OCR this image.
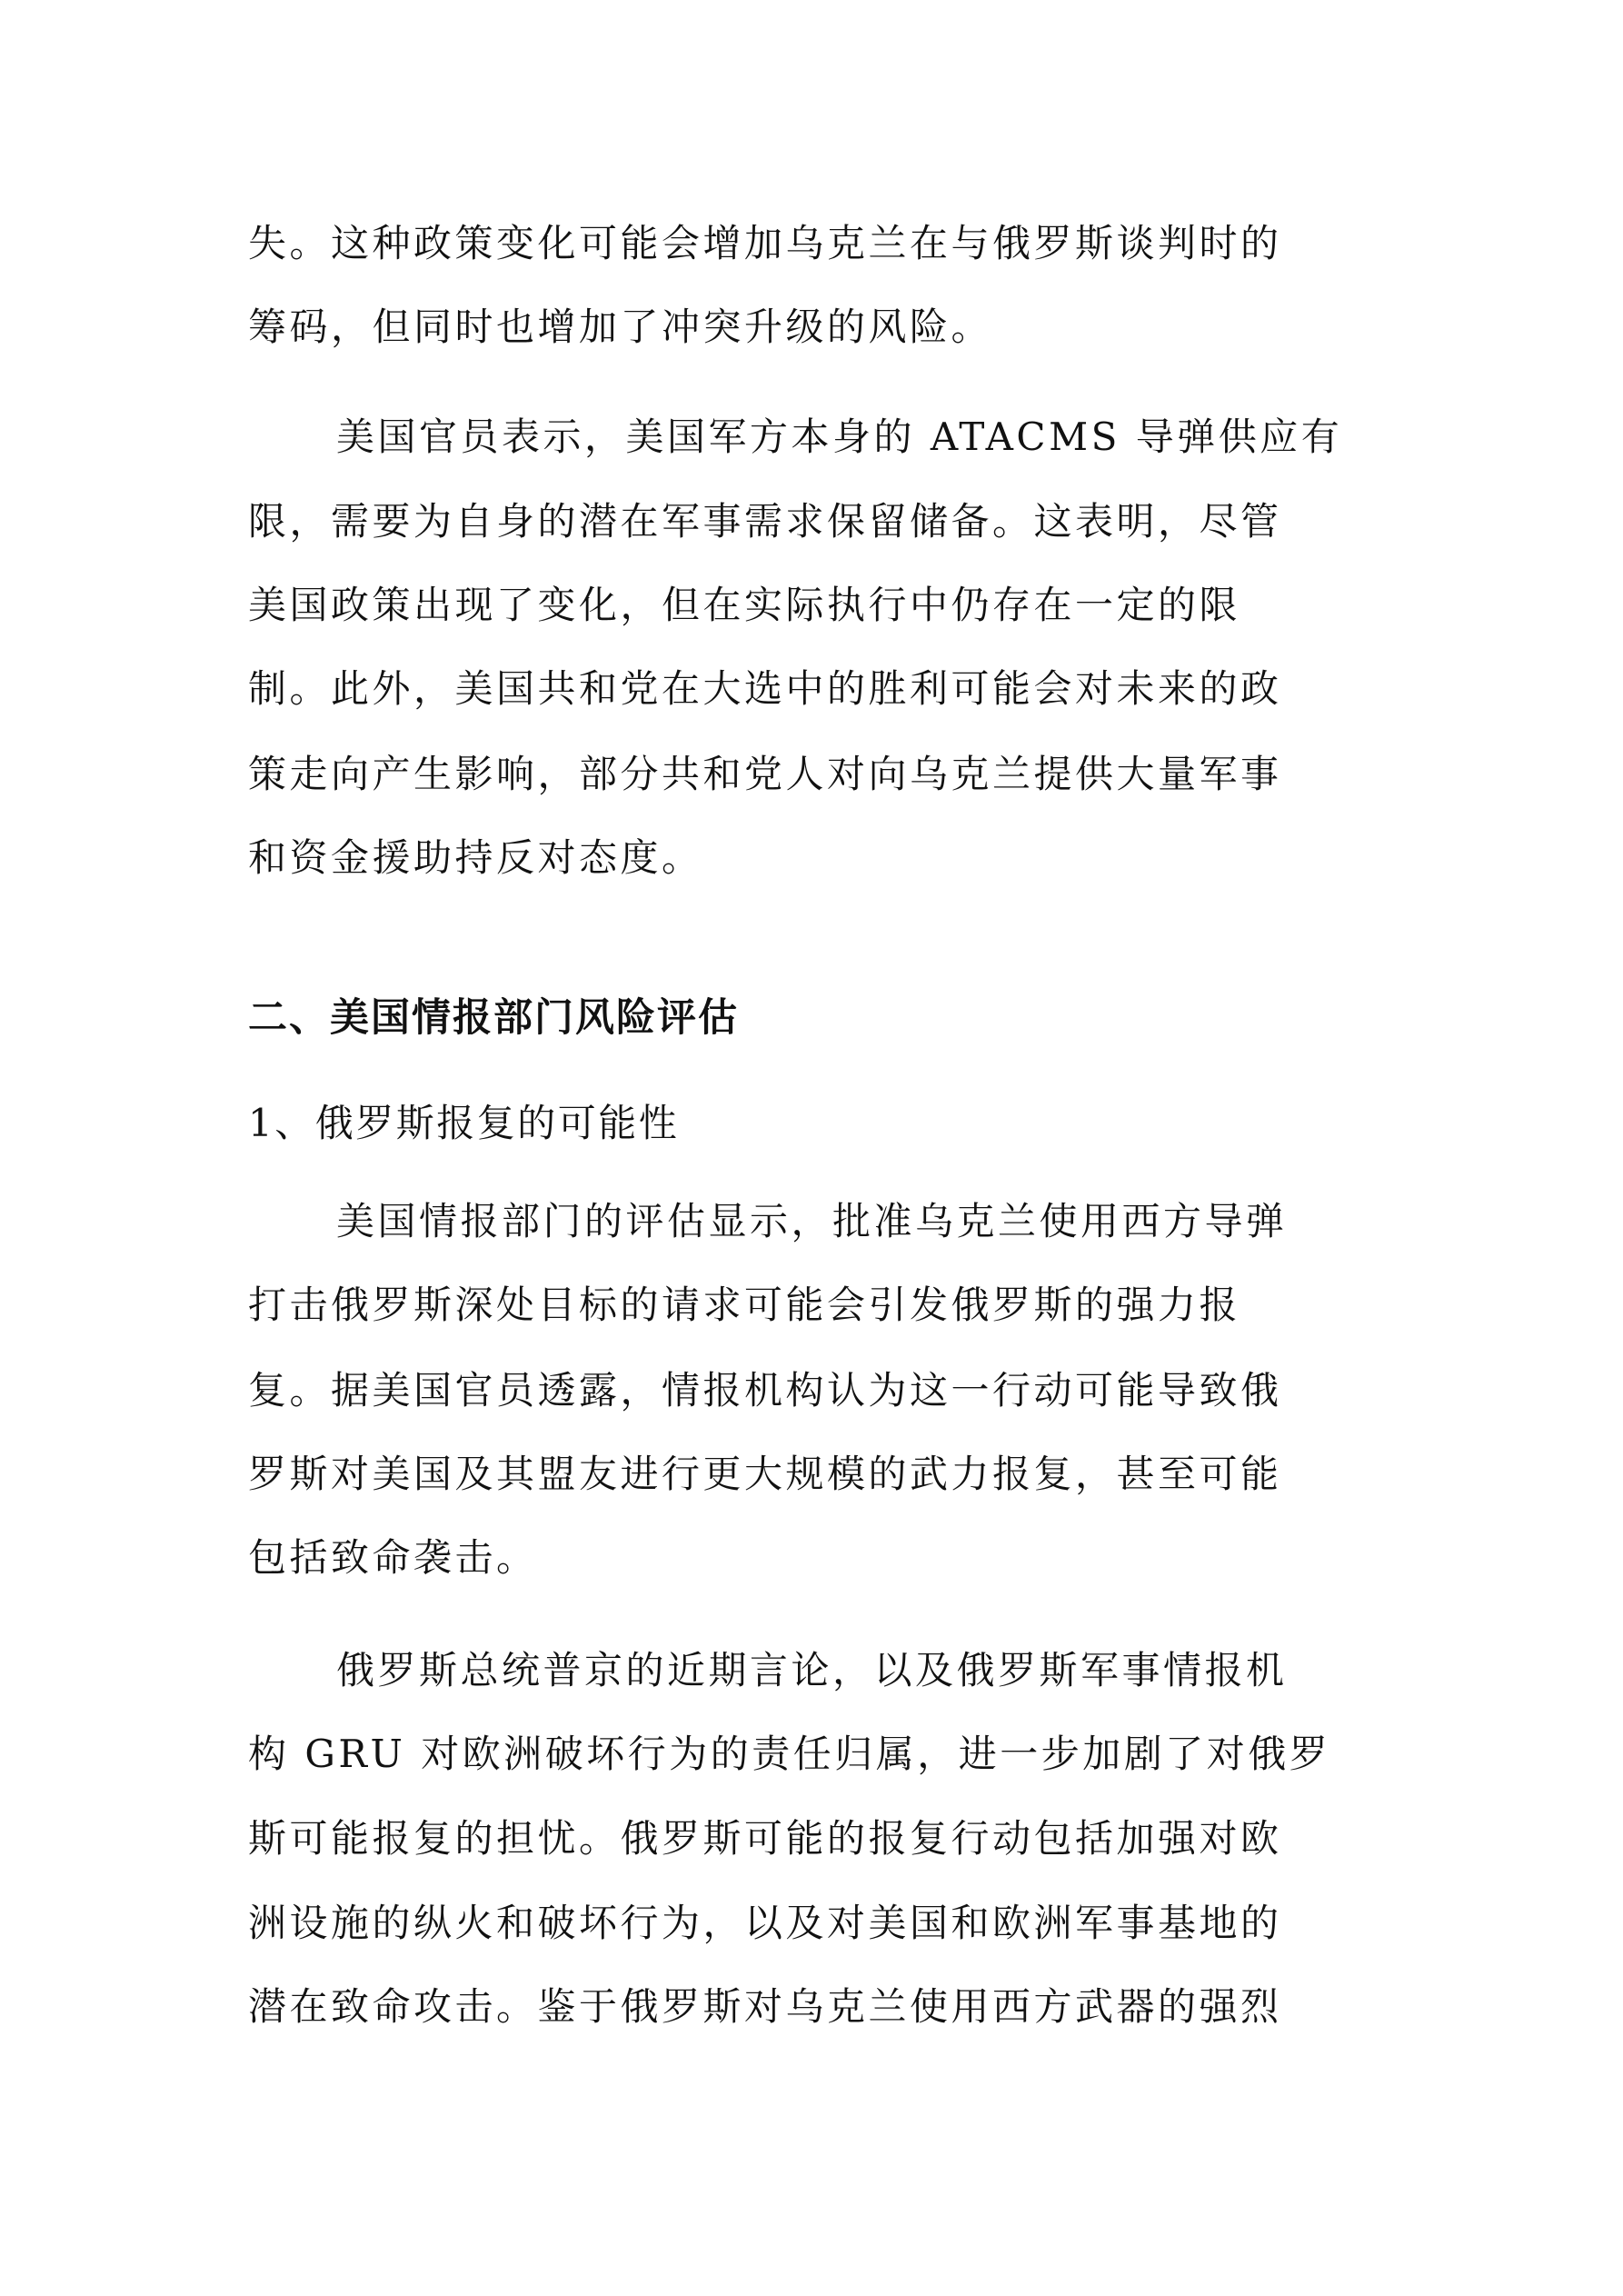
失。这种政策变化可能会增加乌克兰在与俄罗斯谈判时的
筹码，但同时也增加了冲突升级的风险。
美国官员表示，美国军方本身的 ATACMS 导弹供应有
限，需要为自身的潜在军事需求保留储备。这表明，尽管
美国政策出现了变化，但在实际执行中仍存在一定的限
制。此外，美国共和党在大选中的胜利可能会对未来的政
策走向产生影响，部分共和党人对向乌克兰提供大量军事
和资金援助持反对态度。
二、美国情报部门风险评估
1、俄罗斯报复的可能性
美国情报部门的评估显示，批准乌克兰使用西方导弹
打击俄罗斯深处目标的请求可能会引发俄罗斯的强力报
复。据美国官员透露，情报机构认为这一行动可能导致俄
罗斯对美国及其盟友进行更大规模的武力报复，甚至可能
包括致命袭击。
俄罗斯总统普京的近期言论，以及俄罗斯军事情报机
构 GRU 对欧洲破坏行为的责任归属，进一步加剧了对俄罗
斯可能报复的担忧。俄罗斯可能的报复行动包括加强对欧
洲设施的纵火和破坏行为，以及对美国和欧洲军事基地的
潜在致命攻击。鉴于俄罗斯对乌克兰使用西方武器的强烈
